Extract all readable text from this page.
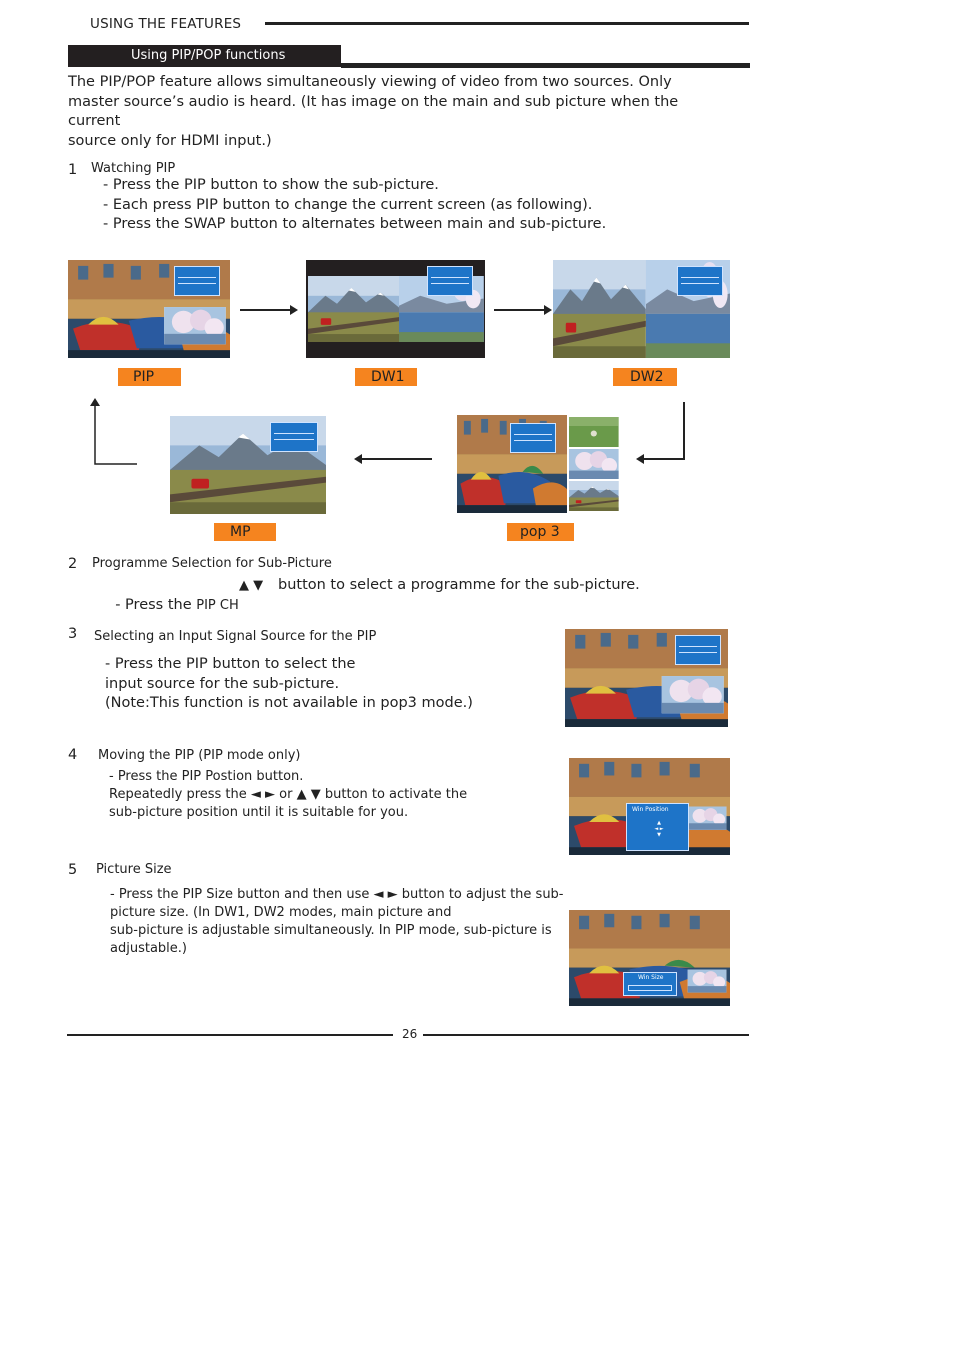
USING THE FEATURES
Using PIP/POP functions
The PIP/POP feature allows simultaneously viewing of video from two sources. Only
master source’s audio is heard. (It has image on the main and sub picture when the current
source only for HDMI input.)
1 Watching PIP
- Press the PIP button to show the sub-picture.
- Each press PIP button to change the current screen (as following).
- Press the SWAP button to alternates between main and sub-picture.
PIP	DW1	DW2
pop 3
MP
2 Programme Selection for Sub-Picture

- Press the PIP CH

▲ ▼ button to select a programme for the sub-picture.
3 Selecting an Input Signal Source for the PIP
- Press the PIP button to select the
input source for the sub-picture.
(Note:This function is not available in pop3 mode.)
4 Moving the PIP (PIP mode only)
- Press the PIP Postion button.
Repeatedly press the ◄ ► or ▲ ▼ button to activate the
sub-picture position until it is suitable for you.	Win Position
▲
◄ ►
▼
5 Picture Size
- Press the PIP Size button and then use ◄ ► button to adjust the sub-
picture size. (In DW1, DW2 modes, main picture and
sub-picture is adjustable simultaneously. In PIP mode, sub-picture is
adjustable.)
Win Size
26
